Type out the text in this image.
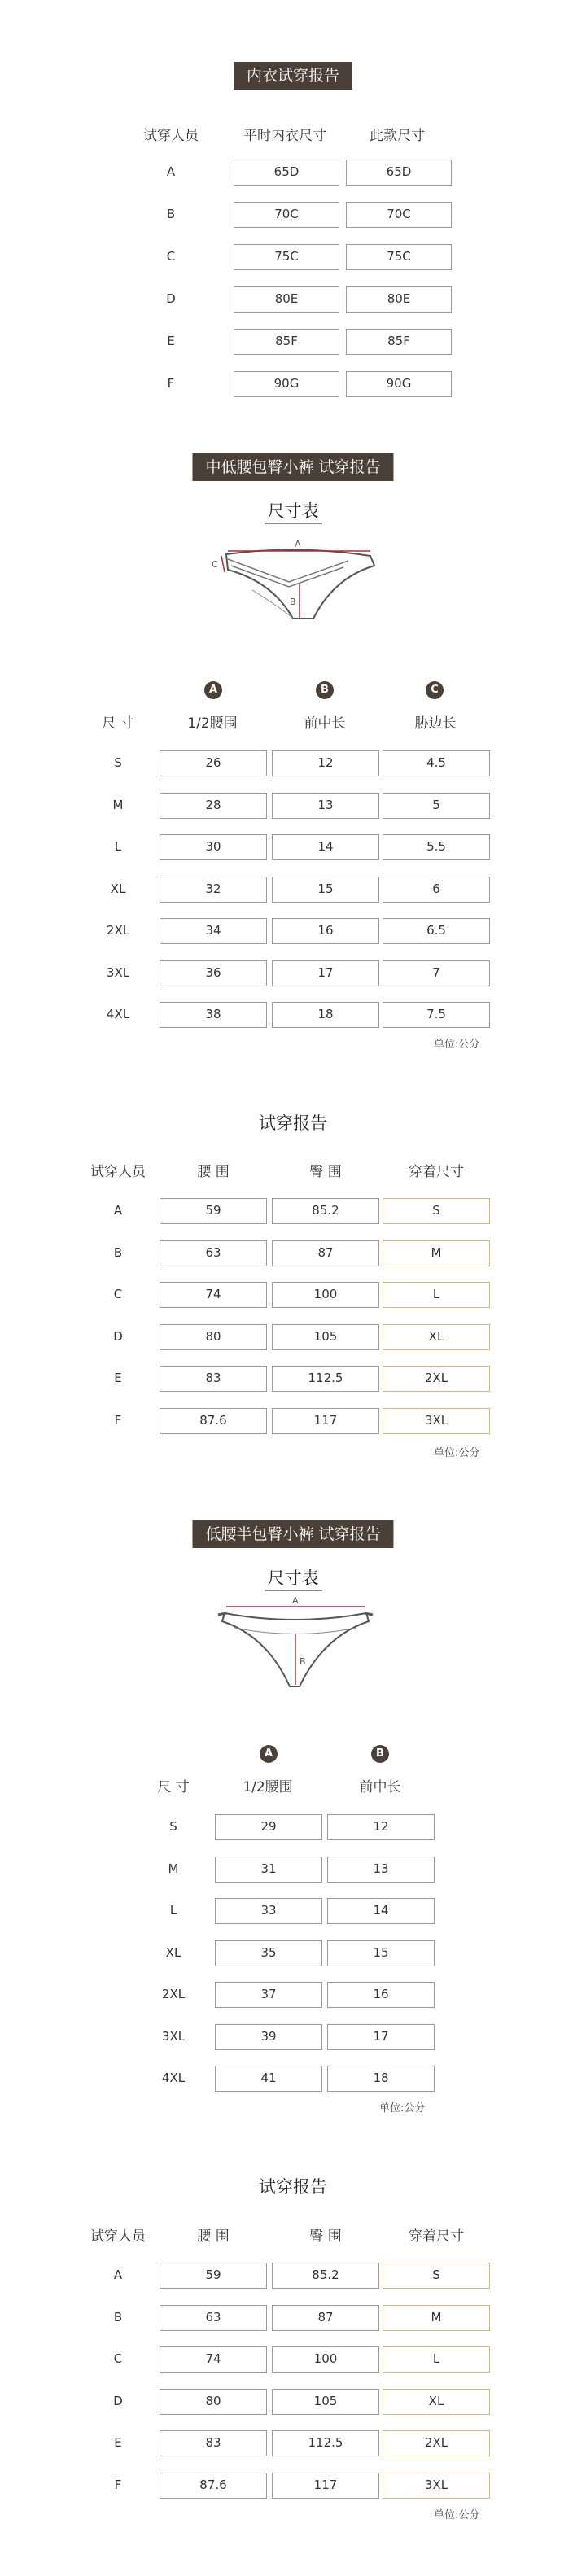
内衣试穿报告
试穿人员	平时内衣尺寸	此款尺寸
中低腰包臀小裤 试穿报告
尺寸表
A
B
C
A	B	C
尺 寸	1/2腰围	前中长	胁边长
单位:公分
试穿报告
单位:公分
低腰半包臀小裤 试穿报告
尺寸表
A
B
A	B
尺 寸	1/2腰围	前中长
单位:公分
试穿报告
单位:公分
A	65D	65D
B	70C	70C
C	75C	75C
D	80E	80E
E	85F	85F
F	90G	90G
S	26	12	4.5
M	28	13	5
L	30	14	5.5
XL	32	15	6
2XL	34	16	6.5
3XL	36	17	7
4XL	38	18	7.5
试穿人员	腰 围	臀 围	穿着尺寸
A	59	85.2	S
B	63	87	M
C	74	100	L
D	80	105	XL
E	83	112.5	2XL
F	87.6	117	3XL
试穿人员	腰 围	臀 围	穿着尺寸
A	59	85.2	S
B	63	87	M
C	74	100	L
D	80	105	XL
E	83	112.5	2XL
F	87.6	117	3XL
S	29	12
M	31	13
L	33	14
XL	35	15
2XL	37	16
3XL	39	17
4XL	41	18
